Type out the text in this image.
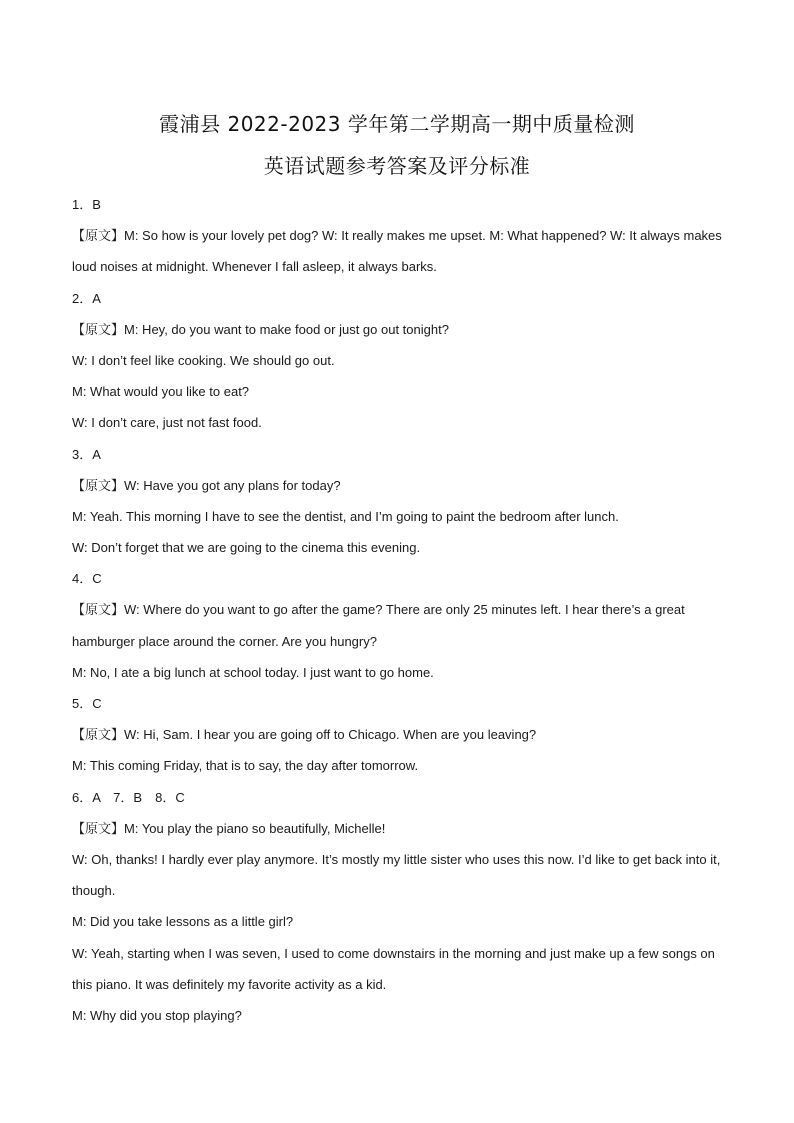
霞浦县 2022-2023 学年第二学期高一期中质量检测
英语试题参考答案及评分标准
1．B
【原文】M: So how is your lovely pet dog? W: It really makes me upset. M: What happened? W: It always makes
loud noises at midnight. Whenever I fall asleep, it always barks.
2．A
【原文】M: Hey, do you want to make food or just go out tonight?
W: I don’t feel like cooking. We should go out.
M: What would you like to eat?
W: I don’t care, just not fast food.
3．A
【原文】W: Have you got any plans for today?
M: Yeah. This morning I have to see the dentist, and I’m going to paint the bedroom after lunch.
W: Don’t forget that we are going to the cinema this evening.
4．C
【原文】W: Where do you want to go after the game? There are only 25 minutes left. I hear there’s a great
hamburger place around the corner. Are you hungry?
M: No, I ate a big lunch at school today. I just want to go home.
5．C
【原文】W: Hi, Sam. I hear you are going off to Chicago. When are you leaving?
M: This coming Friday, that is to say, the day after tomorrow.
6．A　7．B　8．C
【原文】M: You play the piano so beautifully, Michelle!
W: Oh, thanks! I hardly ever play anymore. It’s mostly my little sister who uses this now. I’d like to get back into it,
though.
M: Did you take lessons as a little girl?
W: Yeah, starting when I was seven, I used to come downstairs in the morning and just make up a few songs on
this piano. It was definitely my favorite activity as a kid.
M: Why did you stop playing?
